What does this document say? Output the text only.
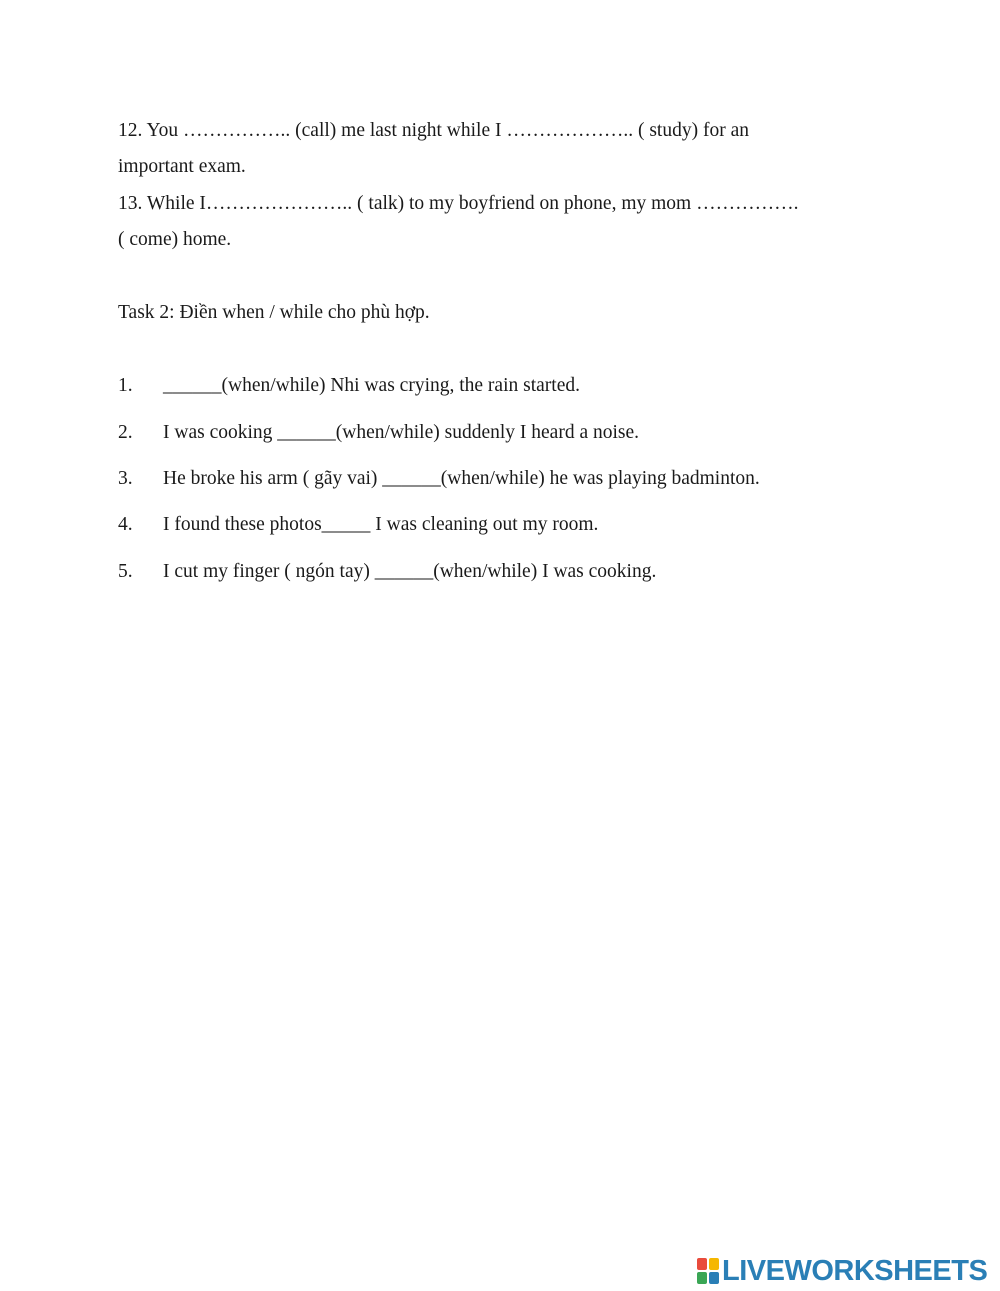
12. You …………….. (call) me last night while I ……………….. ( study) for an
important exam.
13. While I………………….. ( talk) to my boyfriend on phone, my mom …………….
( come) home.
Task 2: Điền when / while cho phù hợp.
1. ______(when/while) Nhi was crying, the rain started.
2. I was cooking ______(when/while) suddenly I heard a noise.
3. He broke his arm ( gãy vai) ______(when/while) he was playing badminton.
4. I found these photos_____ I was cleaning out my room.
5. I cut my finger ( ngón tay) ______(when/while) I was cooking.
LIVEWORKSHEETS
